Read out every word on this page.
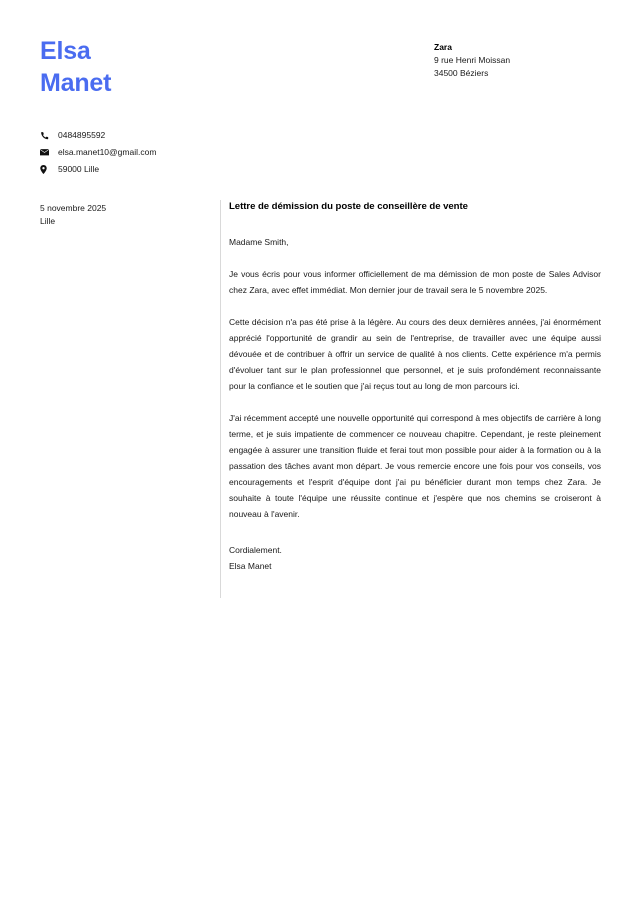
Elsa
Manet
0484895592
elsa.manet10@gmail.com
59000 Lille
Zara
9 rue Henri Moissan
34500 Béziers
5 novembre 2025
Lille
Lettre de démission du poste de conseillère de vente
Madame Smith,
Je vous écris pour vous informer officiellement de ma démission de mon poste de Sales Advisor chez Zara, avec effet immédiat. Mon dernier jour de travail sera le 5 novembre 2025.
Cette décision n'a pas été prise à la légère. Au cours des deux dernières années, j'ai énormément apprécié l'opportunité de grandir au sein de l'entreprise, de travailler avec une équipe aussi dévouée et de contribuer à offrir un service de qualité à nos clients. Cette expérience m'a permis d'évoluer tant sur le plan professionnel que personnel, et je suis profondément reconnaissante pour la confiance et le soutien que j'ai reçus tout au long de mon parcours ici.
J'ai récemment accepté une nouvelle opportunité qui correspond à mes objectifs de carrière à long terme, et je suis impatiente de commencer ce nouveau chapitre. Cependant, je reste pleinement engagée à assurer une transition fluide et ferai tout mon possible pour aider à la formation ou à la passation des tâches avant mon départ. Je vous remercie encore une fois pour vos conseils, vos encouragements et l'esprit d'équipe dont j'ai pu bénéficier durant mon temps chez Zara. Je souhaite à toute l'équipe une réussite continue et j'espère que nos chemins se croiseront à nouveau à l'avenir.
Cordialement.
Elsa Manet
